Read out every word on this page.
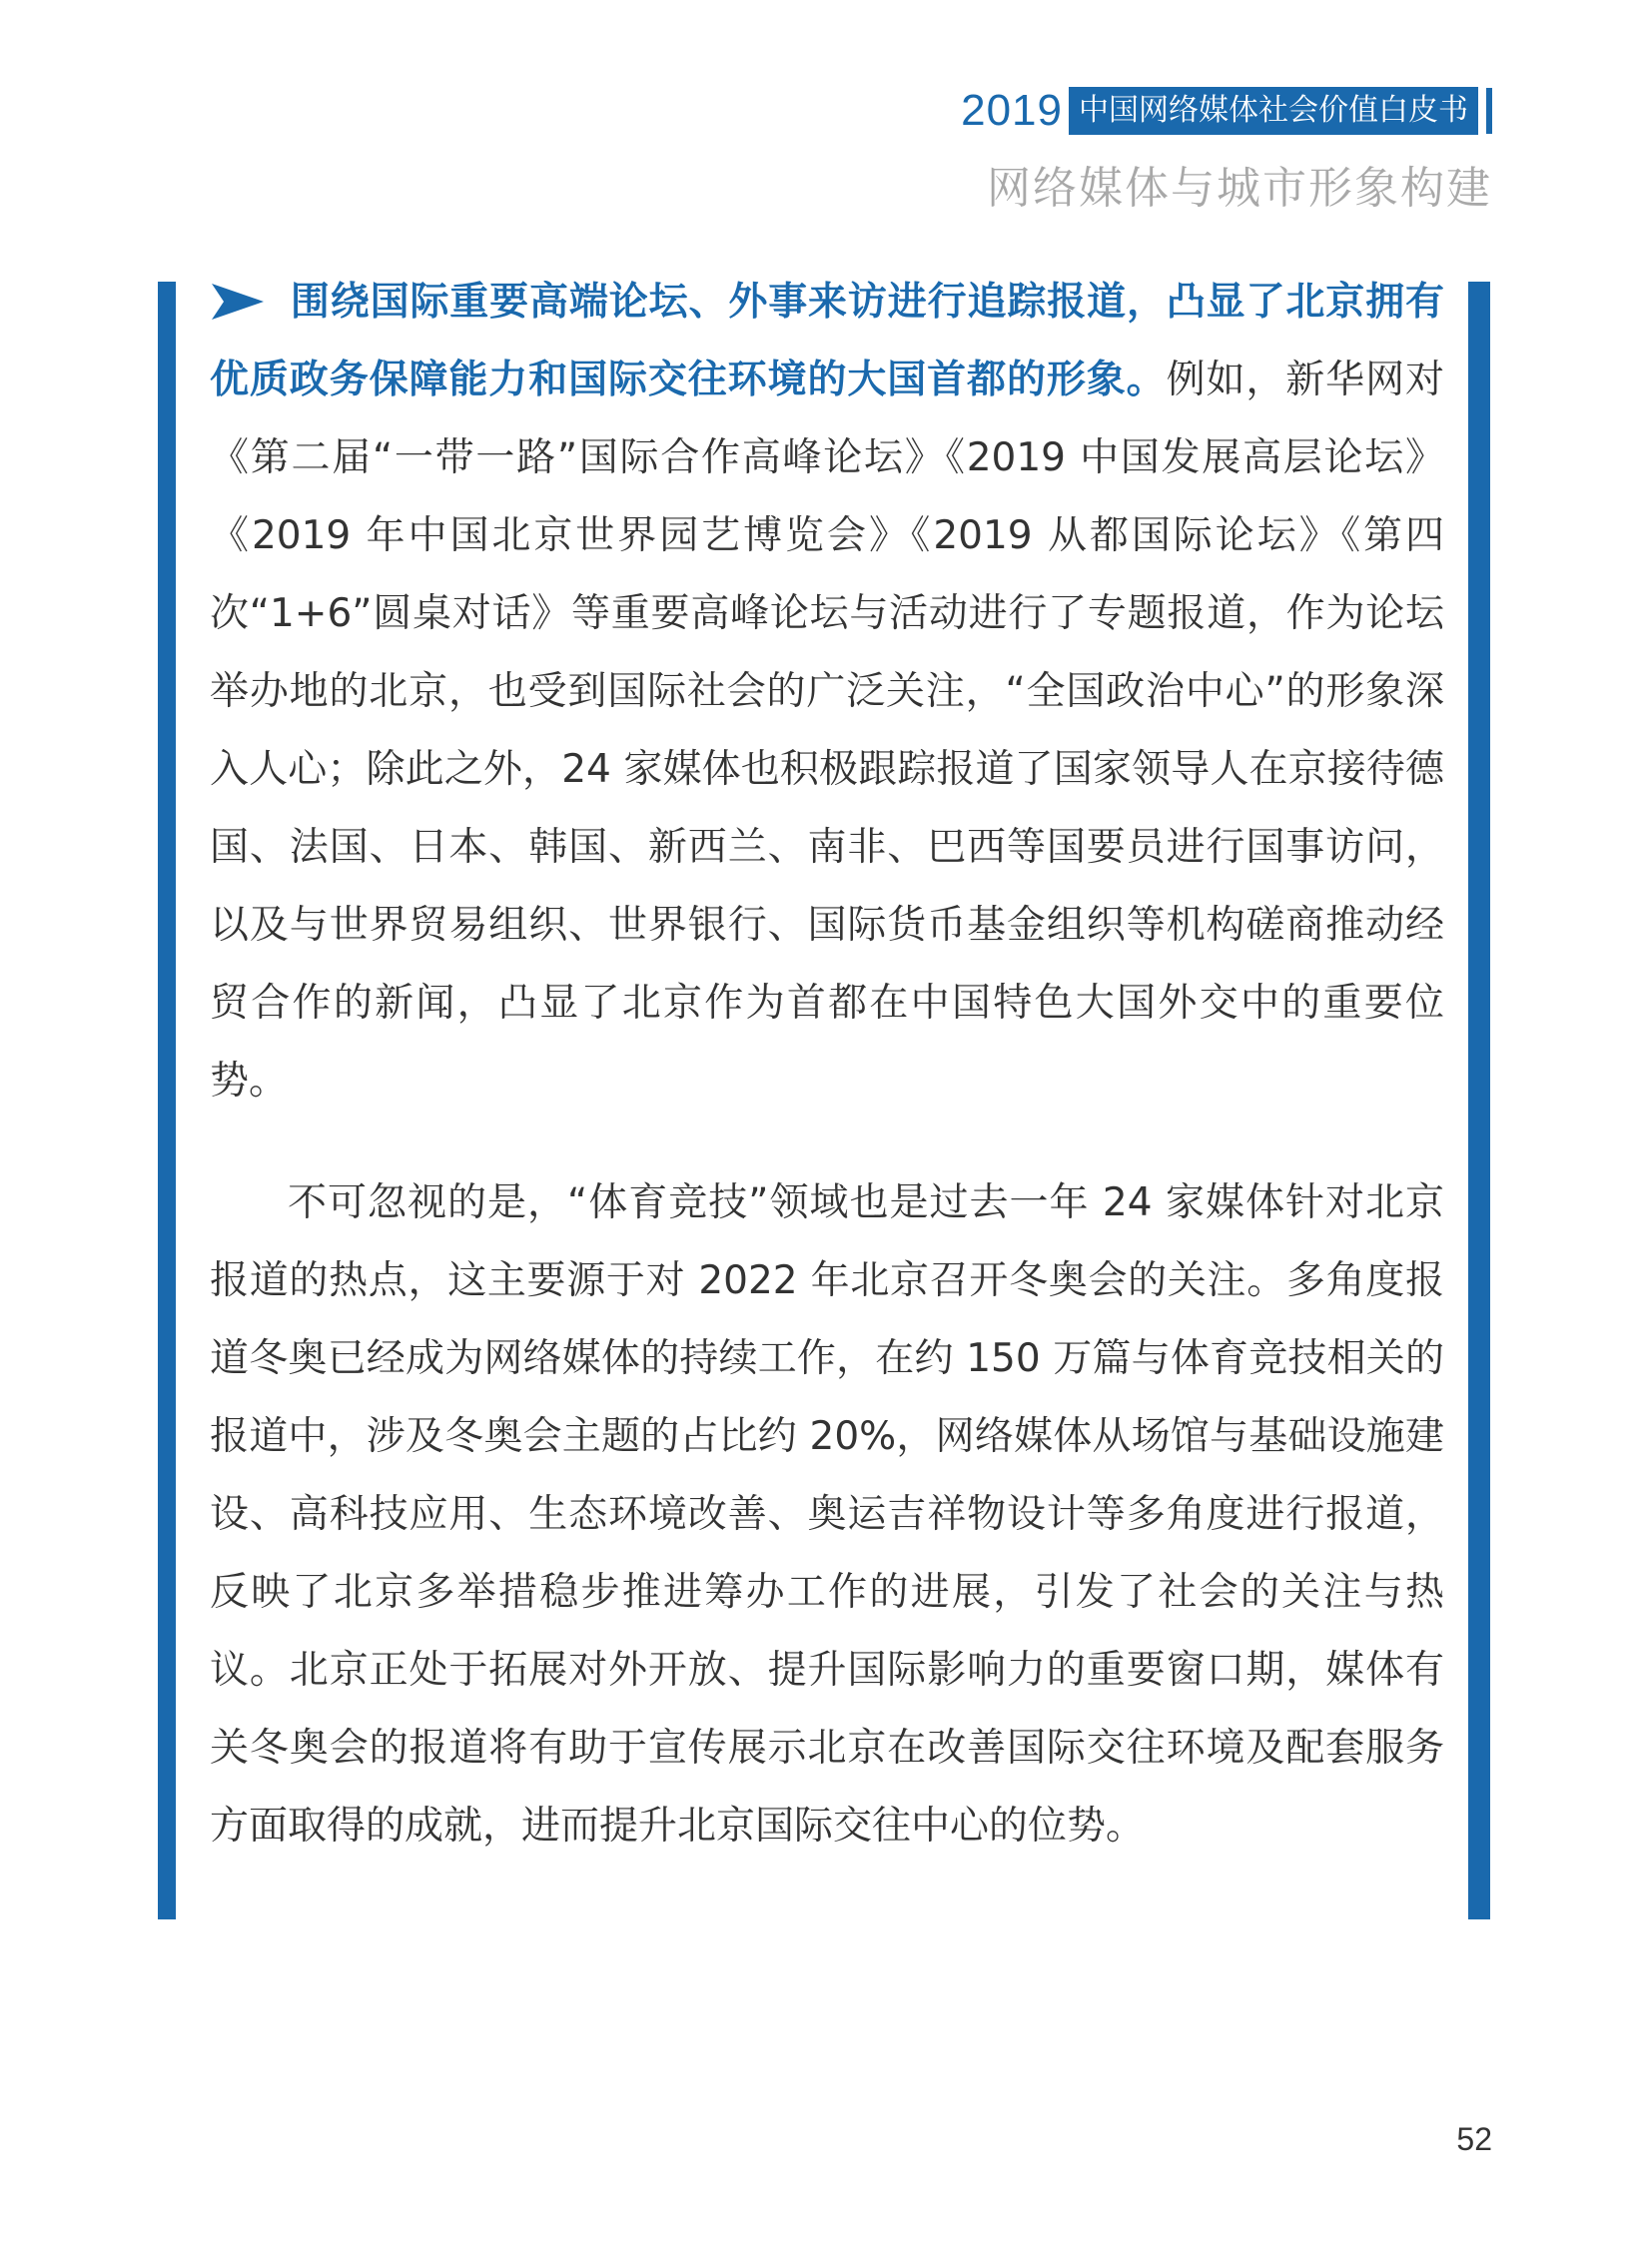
2019 中国网络媒体社会价值白皮书
网络媒体与城市形象构建

围绕国际重要高端论坛、外事来访进行追踪报道，凸显了北京拥有优质政务保障能力和国际交往环境的大国首都的形象。例如，新华网对《第二届“一带一路”国际合作高峰论坛》《2019 中国发展高层论坛》《2019 年中国北京世界园艺博览会》《2019 从都国际论坛》《第四次“1+6”圆桌对话》等重要高峰论坛与活动进行了专题报道，作为论坛举办地的北京，也受到国际社会的广泛关注，“全国政治中心”的形象深入人心；除此之外，24 家媒体也积极跟踪报道了国家领导人在京接待德国、法国、日本、韩国、新西兰、南非、巴西等国要员进行国事访问，以及与世界贸易组织、世界银行、国际货币基金组织等机构磋商推动经贸合作的新闻，凸显了北京作为首都在中国特色大国外交中的重要位势。

不可忽视的是，“体育竞技”领域也是过去一年 24 家媒体针对北京报道的热点，这主要源于对 2022 年北京召开冬奥会的关注。多角度报道冬奥已经成为网络媒体的持续工作，在约 150 万篇与体育竞技相关的报道中，涉及冬奥会主题的占比约 20%，网络媒体从场馆与基础设施建设、高科技应用、生态环境改善、奥运吉祥物设计等多角度进行报道，反映了北京多举措稳步推进筹办工作的进展，引发了社会的关注与热议。北京正处于拓展对外开放、提升国际影响力的重要窗口期，媒体有关冬奥会的报道将有助于宣传展示北京在改善国际交往环境及配套服务方面取得的成就，进而提升北京国际交往中心的位势。

52
